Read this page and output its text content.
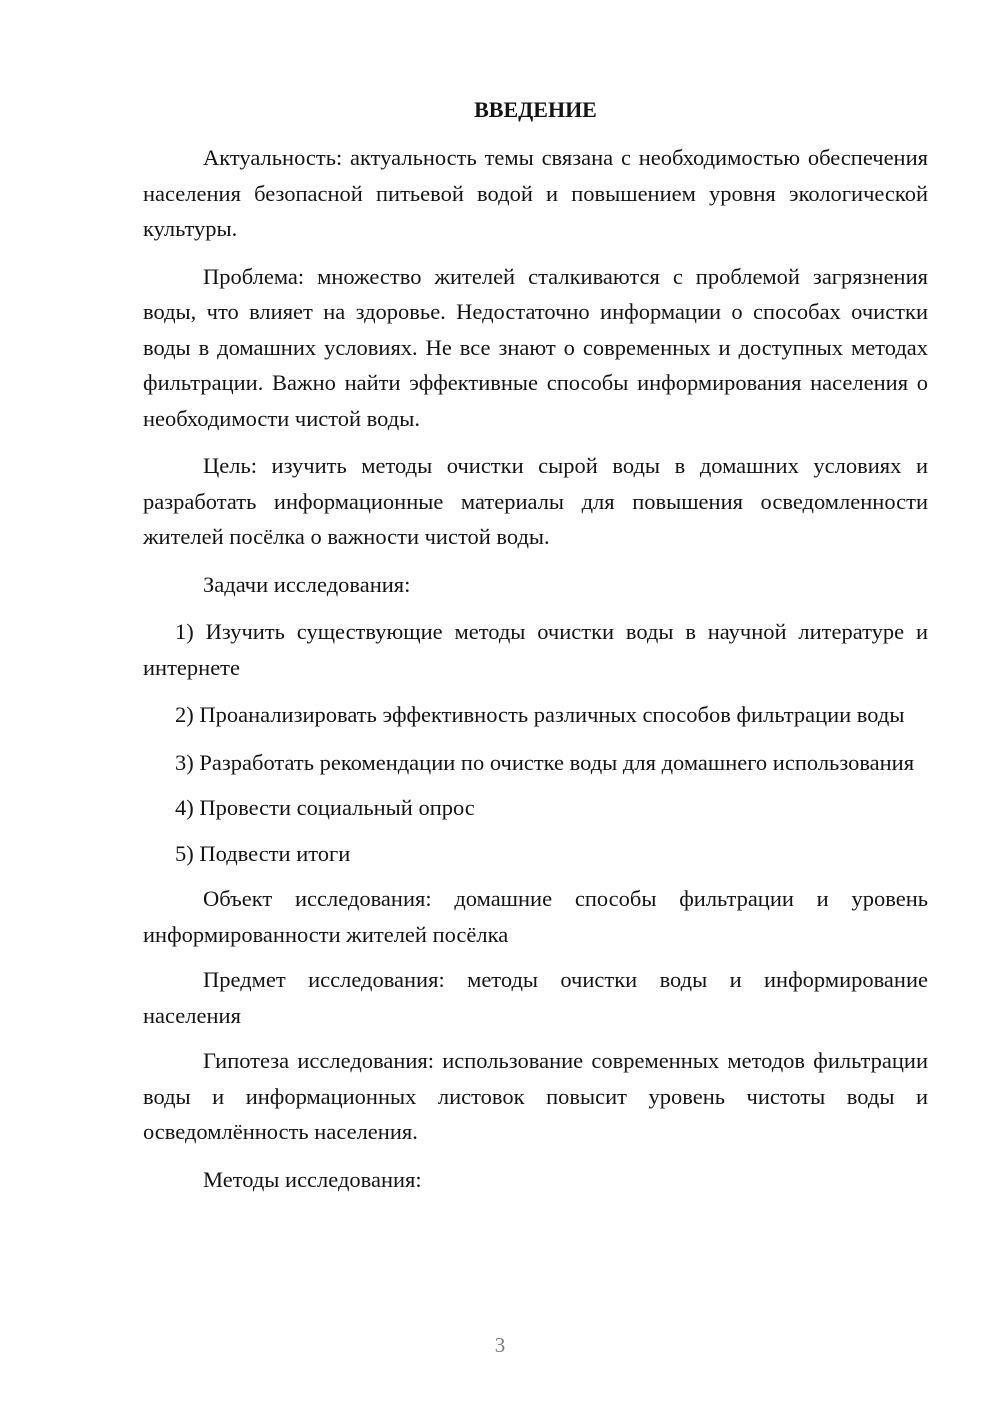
ВВЕДЕНИЕ

Актуальность: актуальность темы связана с необходимостью обеспечения населения безопасной питьевой водой и повышением уровня экологической культуры.

Проблема: множество жителей сталкиваются с проблемой загрязнения воды, что влияет на здоровье. Недостаточно информации о способах очистки воды в домашних условиях. Не все знают о современных и доступных методах фильтрации. Важно найти эффективные способы информирования населения о необходимости чистой воды.

Цель: изучить методы очистки сырой воды в домашних условиях и разработать информационные материалы для повышения осведомленности жителей посёлка о важности чистой воды.

Задачи исследования:

1) Изучить существующие методы очистки воды в научной литературе и интернете

2) Проанализировать эффективность различных способов фильтрации воды

3) Разработать рекомендации по очистке воды для домашнего использования

4) Провести социальный опрос

5) Подвести итоги

Объект исследования: домашние способы фильтрации и уровень информированности жителей посёлка

Предмет исследования: методы очистки воды и информирование населения

Гипотеза исследования: использование современных методов фильтрации воды и информационных листовок повысит уровень чистоты воды и осведомлённость населения.

Методы исследования:

3
